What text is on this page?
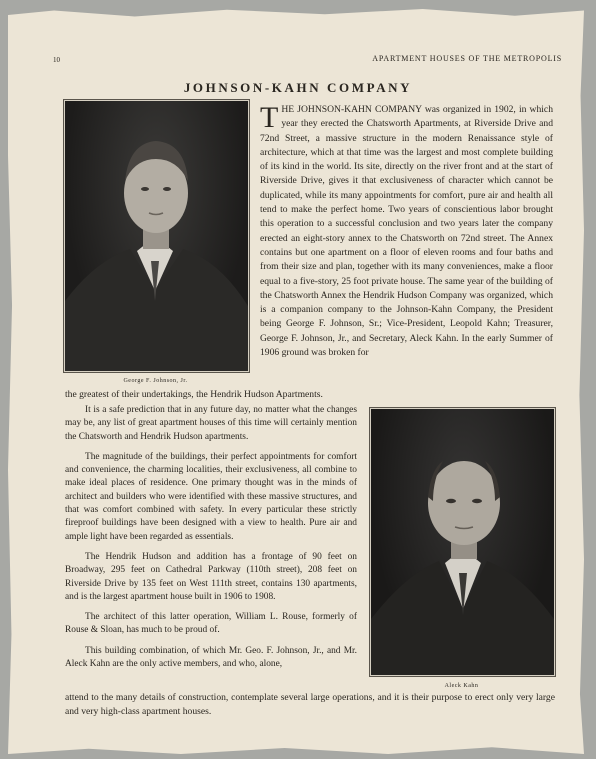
10	APARTMENT HOUSES OF THE METROPOLIS
JOHNSON-KAHN COMPANY
George F. Johnson, Jr.

THE JOHNSON-KAHN COMPANY was organized in 1902, in which year they erected the Chatsworth Apartments, at Riverside Drive and 72nd Street, a massive structure in the modern Renaissance style of architecture, which at that time was the largest and most complete building of its kind in the world. Its site, directly on the river front and at the start of Riverside Drive, gives it that exclusiveness of character which cannot be duplicated, while its many appointments for comfort, pure air and health all tend to make the perfect home. Two years of conscientious labor brought this operation to a successful conclusion and two years later the company erected an eight-story annex to the Chatsworth on 72nd street. The Annex contains but one apartment on a floor of eleven rooms and four baths and from their size and plan, together with its many conveniences, make a floor equal to a five-story, 25 foot private house. The same year of the building of the Chatsworth Annex the Hendrik Hudson Company was organized, which is a companion company to the Johnson-Kahn Company, the President being George F. Johnson, Sr.; Vice-President, Leopold Kahn; Treasurer, George F. Johnson, Jr., and Secretary, Aleck Kahn. In the early Summer of 1906 ground was broken for

the greatest of their undertakings, the Hendrik Hudson Apartments.

It is a safe prediction that in any future day, no matter what the changes may be, any list of great apartment houses of this time will certainly mention the Chatsworth and Hendrik Hudson apartments.

The magnitude of the buildings, their perfect appointments for comfort and convenience, the charming localities, their exclusiveness, all combine to make ideal places of residence. One primary thought was in the minds of architect and builders who were identified with these massive structures, and that was comfort combined with safety. In every particular these strictly fireproof buildings have been designed with a view to health. Pure air and ample light have been regarded as essentials.

The Hendrik Hudson and addition has a frontage of 90 feet on Broadway, 295 feet on Cathedral Parkway (110th street), 208 feet on Riverside Drive by 135 feet on West 111th street, contains 130 apartments, and is the largest apartment house built in 1906 to 1908.

The architect of this latter operation, William L. Rouse, formerly of Rouse & Sloan, has much to be proud of.

This building combination, of which Mr. Geo. F. Johnson, Jr., and Mr. Aleck Kahn are the only active members, and who, alone,

Aleck Kahn

attend to the many details of construction, contemplate several large operations, and it is their purpose to erect only very large and very high-class apartment houses.
